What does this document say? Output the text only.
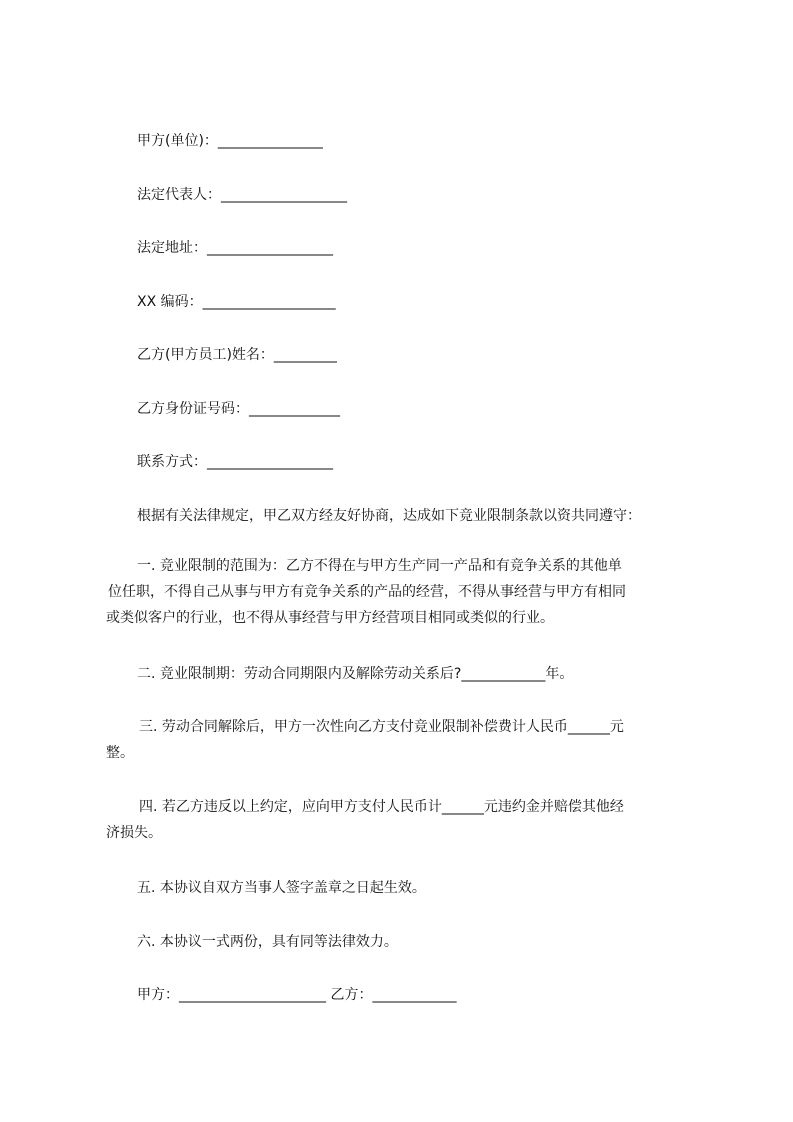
甲方(单位)：_______________
法定代表人：__________________
法定地址：__________________
XX 编码：___________________
乙方(甲方员工)姓名：_________
乙方身份证号码：_____________
联系方式：__________________
根据有关法律规定，甲乙双方经友好协商，达成如下竞业限制条款以资共同遵守：
一. 竞业限制的范围为：乙方不得在与甲方生产同一产品和有竞争关系的其他单
位任职，不得自己从事与甲方有竞争关系的产品的经营，不得从事经营与甲方有相同
或类似客户的行业，也不得从事经营与甲方经营项目相同或类似的行业。
二. 竞业限制期：劳动合同期限内及解除劳动关系后?____________年。
三. 劳动合同解除后，甲方一次性向乙方支付竞业限制补偿费计人民币______元
整。
四. 若乙方违反以上约定，应向甲方支付人民币计______元违约金并赔偿其他经
济损失。
五. 本协议自双方当事人签字盖章之日起生效。
六. 本协议一式两份，具有同等法律效力。
甲方：_____________________ 乙方：____________
